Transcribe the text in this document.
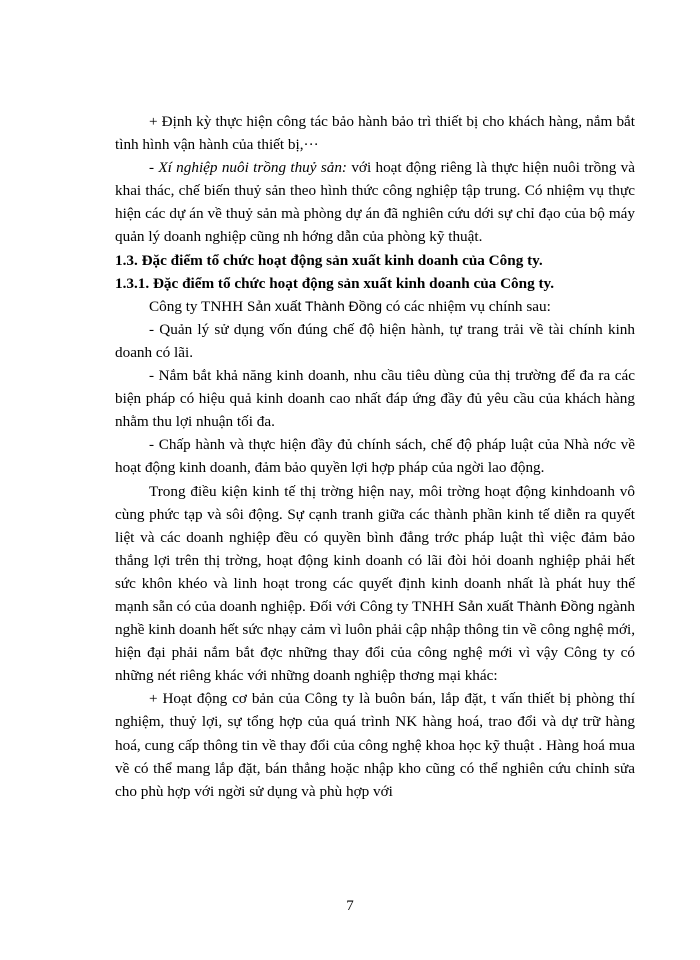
+ Định kỳ thực hiện công tác bảo hành bảo trì thiết bị cho khách hàng, nắm bắt tình hình vận hành của thiết bị,···

- Xí nghiệp nuôi trồng thuỷ sản: với hoạt động riêng là thực hiện nuôi trồng và khai thác, chế biến thuỷ sản theo hình thức công nghiệp tập trung. Có nhiệm vụ thực hiện các dự án về thuỷ sản mà phòng dự án đã nghiên cứu dới sự chỉ đạo của bộ máy quản lý doanh nghiệp cũng nh hớng dẫn của phòng kỹ thuật.

1.3. Đặc điểm tổ chức hoạt động sản xuất kinh doanh của Công ty.

1.3.1. Đặc điểm tổ chức hoạt động sản xuất kinh doanh của Công ty.

Công ty TNHH Sản xuất Thành Đồng có các nhiệm vụ chính sau:

- Quản lý sử dụng vốn đúng chế độ hiện hành, tự trang trải về tài chính kinh doanh có lãi.

- Nắm bắt khả năng kinh doanh, nhu cầu tiêu dùng của thị trường để đa ra các biện pháp có hiệu quả kinh doanh cao nhất đáp ứng đầy đủ yêu cầu của khách hàng nhằm thu lợi nhuận tối đa.

- Chấp hành và thực hiện đầy đủ chính sách, chế độ pháp luật của Nhà nớc về hoạt động kinh doanh, đảm bảo quyền lợi hợp pháp của ngời lao động.

Trong điều kiện kinh tế thị trờng hiện nay, môi trờng hoạt động kinhdoanh vô cùng phức tạp và sôi động. Sự cạnh tranh giữa các thành phần kinh tế diễn ra quyết liệt và các doanh nghiệp đều có quyền bình đẳng trớc pháp luật thì việc đảm bảo thắng lợi trên thị trờng, hoạt động kinh doanh có lãi đòi hỏi doanh nghiệp phải hết sức khôn khéo và linh hoạt trong các quyết định kinh doanh nhất là phát huy thế mạnh sẵn có của doanh nghiệp. Đối với Công ty TNHH Sản xuất Thành Đồng ngành nghề kinh doanh hết sức nhạy cảm vì luôn phải cập nhập thông tin về công nghệ mới, hiện đại phải nắm bắt đợc những thay đổi của công nghệ mới vì vậy Công ty có những nét riêng khác với những doanh nghiệp thơng mại khác:

+ Hoạt động cơ bản của Công ty là buôn bán, lắp đặt, t vấn thiết bị phòng thí nghiệm, thuỷ lợi, sự tổng hợp của quá trình NK hàng hoá, trao đổi và dự trữ hàng hoá, cung cấp thông tin về thay đổi của công nghệ khoa học kỹ thuật . Hàng hoá mua về có thể mang lắp đặt, bán thẳng hoặc nhập kho cũng có thể nghiên cứu chỉnh sửa cho phù hợp với ngời sử dụng và phù hợp với

7
